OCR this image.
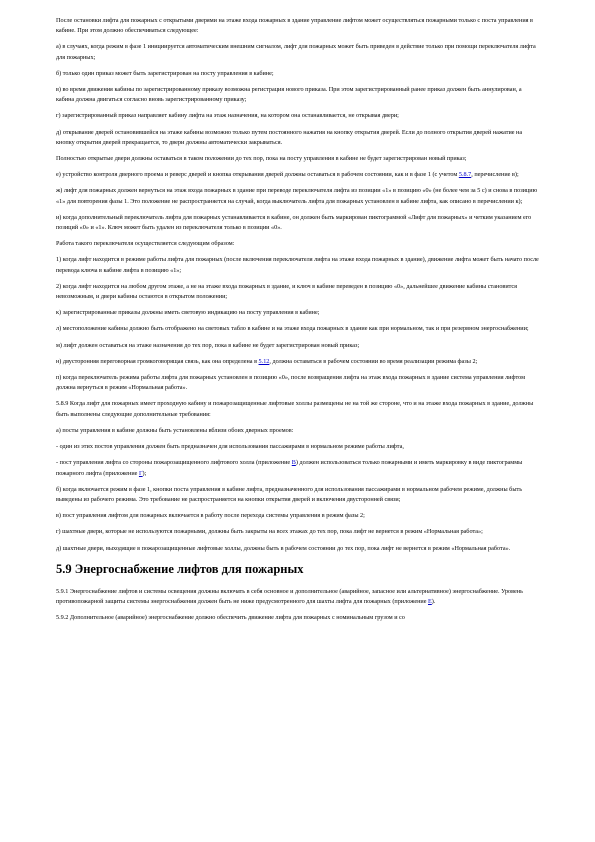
После остановки лифта для пожарных с открытыми дверями на этаже входа пожарных в здание управление лифтом может осуществляться пожарными только с поста управления в кабине. При этом должно обеспечиваться следующее:

а) в случаях, когда режим в фазе 1 инициируется автоматическим внешним сигналом, лифт для пожарных может быть приведен в действие только при помощи переключателя лифта для пожарных;

б) только один приказ может быть зарегистрирован на посту управления в кабине;

в) во время движения кабины по зарегистрированному приказу возможна регистрация нового приказа. При этом зарегистрированный ранее приказ должен быть аннулирован, а кабина должна двигаться согласно вновь зарегистрированному приказу;

г) зарегистрированный приказ направляет кабину лифта на этаж назначения, на котором она останавливается, не открывая двери;

д) открывание дверей остановившейся на этаже кабины возможно только путем постоянного нажатия на кнопку открытия дверей. Если до полного открытия дверей нажатие на кнопку открытия дверей прекращается, то двери должны автоматически закрываться.

Полностью открытые двери должны оставаться в таком положении до тех пор, пока на посту управления в кабине не будет зарегистрирован новый приказ;

е) устройство контроля дверного проема и реверс дверей и кнопка открывания дверей должны оставаться в рабочем состоянии, как и в фазе 1 (с учетом 5.8.7, перечисление в);

ж) лифт для пожарных должен вернуться на этаж входа пожарных в здание при переводе переключателя лифта из позиции «1» в позицию «0» (не более чем за 5 с) и снова в позицию «1» для повторения фазы 1. Это положение не распространяется на случай, когда выключатель лифта для пожарных установлен в кабине лифта, как описано в перечислении к);

и) когда дополнительный переключатель лифта для пожарных устанавливается в кабине, он должен быть маркирован пиктограммой «Лифт для пожарных» и четким указанием его позиций «0» и «1». Ключ может быть удален из переключателя только в позиции «0».

Работа такого переключателя осуществляется следующим образом:

1) когда лифт находится в режиме работы лифта для пожарных (после включения переключателя лифта на этаже входа пожарных в здание), движение лифта может быть начато после перевода ключа в кабине лифта в позицию «1»;

2) когда лифт находится на любом другом этаже, а не на этаже входа пожарных в здание, и ключ в кабине переведен в позицию «0», дальнейшее движение кабины становится невозможным, и двери кабины остаются в открытом положении;

к) зарегистрированные приказы должны иметь световую индикацию на посту управления в кабине;

л) местоположение кабины должно быть отображено на световых табло в кабине и на этаже входа пожарных в здание как при нормальном, так и при резервном энергоснабжении;

м) лифт должен оставаться на этаже назначения до тех пор, пока в кабине не будет зарегистрирован новый приказ;

н) двусторонняя переговорная громкоговорящая связь, как она определена в 5.12, должна оставаться в рабочем состоянии во время реализации режима фазы 2;

п) когда переключатель режима работы лифта для пожарных установлен в позицию «0», после возвращения лифта на этаж входа пожарных в здание система управления лифтом должна вернуться в режим «Нормальная работа».

5.8.9 Когда лифт для пожарных имеет проходную кабину и пожарозащищенные лифтовые холлы размещены не на той же стороне, что и на этаже входа пожарных в здание, должны быть выполнены следующие дополнительные требования:

а) посты управления в кабине должны быть установлены вблизи обоих дверных проемов:

- один из этих постов управления должен быть предназначен для использования пассажирами в нормальном режиме работы лифта,

- пост управления лифта со стороны пожарозащищенного лифтового холла (приложение В) должен использоваться только пожарными и иметь маркировку в виде пиктограммы пожарного лифта (приложение Г);

б) когда включается режим в фазе 1, кнопки поста управления в кабине лифта, предназначенного для использования пассажирами в нормальном рабочем режиме, должны быть выведены из рабочего режима. Это требование не распространяется на кнопки открытия дверей и включения двусторонней связи;

в) пост управления лифтом для пожарных включается в работу после перехода системы управления в режим фазы 2;

г) шахтные двери, которые не используются пожарными, должны быть закрыты на всех этажах до тех пор, пока лифт не вернется в режим «Нормальная работа»;

д) шахтные двери, выходящие в пожарозащищенные лифтовые холлы, должны быть в рабочем состоянии до тех пор, пока лифт не вернется в режим «Нормальная работа».

5.9 Энергоснабжение лифтов для пожарных

5.9.1 Энергоснабжение лифтов и системы освещения должны включать в себя основное и дополнительное (аварийное, запасное или альтернативное) энергоснабжение. Уровень противопожарной защиты системы энергоснабжения должен быть не ниже предусмотренного для шахты лифта для пожарных (приложение Е).

5.9.2 Дополнительное (аварийное) энергоснабжение должно обеспечить движение лифта для пожарных с номинальным грузом и со
